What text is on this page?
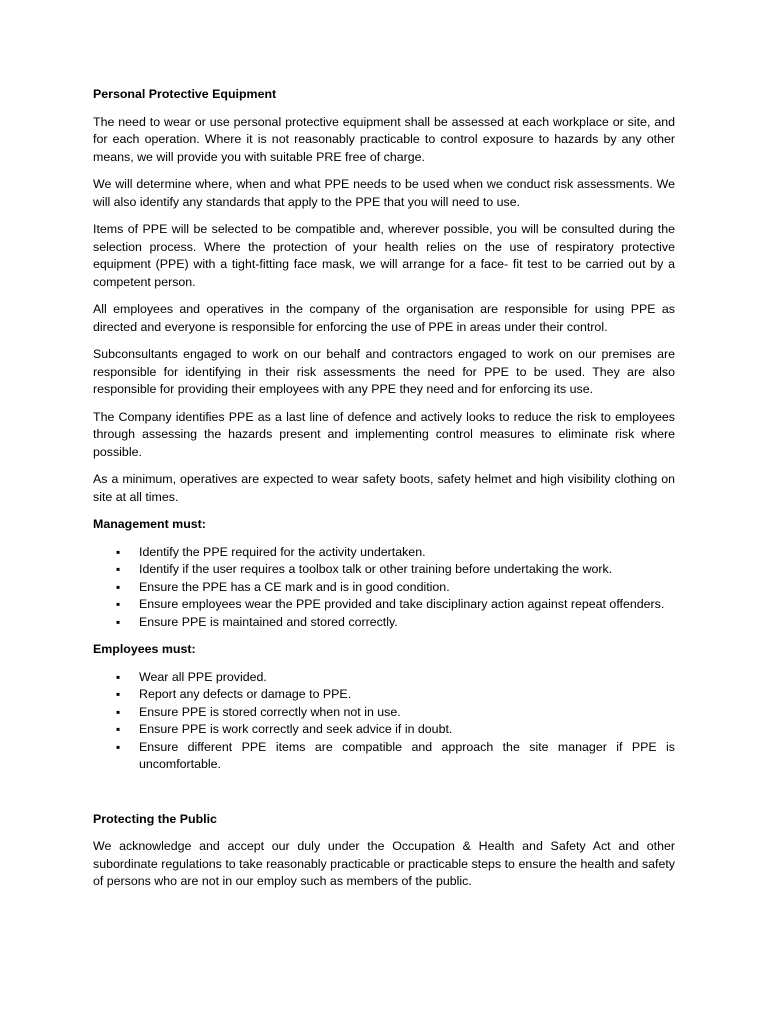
Personal Protective Equipment

The need to wear or use personal protective equipment shall be assessed at each workplace or site, and for each operation. Where it is not reasonably practicable to control exposure to hazards by any other means, we will provide you with suitable PRE free of charge.

We will determine where, when and what PPE needs to be used when we conduct risk assessments. We will also identify any standards that apply to the PPE that you will need to use.

Items of PPE will be selected to be compatible and, wherever possible, you will be consulted during the selection process. Where the protection of your health relies on the use of respiratory protective equipment (PPE) with a tight-fitting face mask, we will arrange for a face- fit test to be carried out by a competent person.

All employees and operatives in the company of the organisation are responsible for using PPE as directed and everyone is responsible for enforcing the use of PPE in areas under their control.

Subconsultants engaged to work on our behalf and contractors engaged to work on our premises are responsible for identifying in their risk assessments the need for PPE to be used. They are also responsible for providing their employees with any PPE they need and for enforcing its use.

The Company identifies PPE as a last line of defence and actively looks to reduce the risk to employees through assessing the hazards present and implementing control measures to eliminate risk where possible.

As a minimum, operatives are expected to wear safety boots, safety helmet and high visibility clothing on site at all times.

Management must:
▪ Identify the PPE required for the activity undertaken.
▪ Identify if the user requires a toolbox talk or other training before undertaking the work.
▪ Ensure the PPE has a CE mark and is in good condition.
▪ Ensure employees wear the PPE provided and take disciplinary action against repeat offenders.
▪ Ensure PPE is maintained and stored correctly.
Employees must:
▪ Wear all PPE provided.
▪ Report any defects or damage to PPE.
▪ Ensure PPE is stored correctly when not in use.
▪ Ensure PPE is work correctly and seek advice if in doubt.
▪ Ensure different PPE items are compatible and approach the site manager if PPE is uncomfortable.
Protecting the Public

We acknowledge and accept our duly under the Occupation & Health and Safety Act and other subordinate regulations to take reasonably practicable or practicable steps to ensure the health and safety of persons who are not in our employ such as members of the public.
